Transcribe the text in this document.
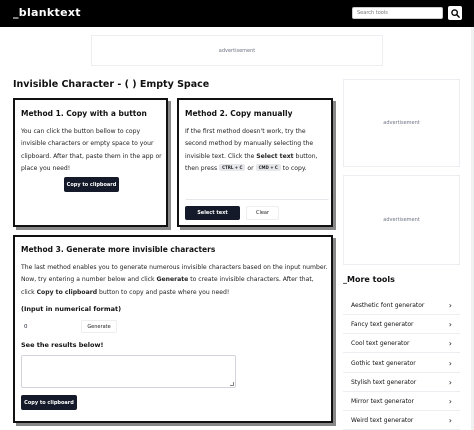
_blanktext
Search tools
advertisement
Invisible Character - ( ) Empty Space
Method 1. Copy with a button
You can click the button bellow to copy
invisible characters or empty space to your
clipboard. After that, paste them in the app or
place you need!
Copy to clipboard
Method 2. Copy manually
If the first method doesn't work, try the
second method by manually selecting the
invisible text. Click the Select text button,
then press CTRL + C or CMD + C to copy.
Select text	Clear
Method 3. Generate more invisible characters
The last method enables you to generate numerous invisible characters based on the input number.
Now, try entering a number below and click Generate to create invisible characters. After that,
click Copy to clipboard button to copy and paste where you need!
(Input in numerical format)
0	Generate
See the results below!
Copy to clipboard
advertisement
advertisement
_More tools
Aesthetic font generator	›
Fancy text generator	›
Cool text generator	›
Gothic text generator	›
Stylish text generator	›
Mirror text generator	›
Weird text generator	›
